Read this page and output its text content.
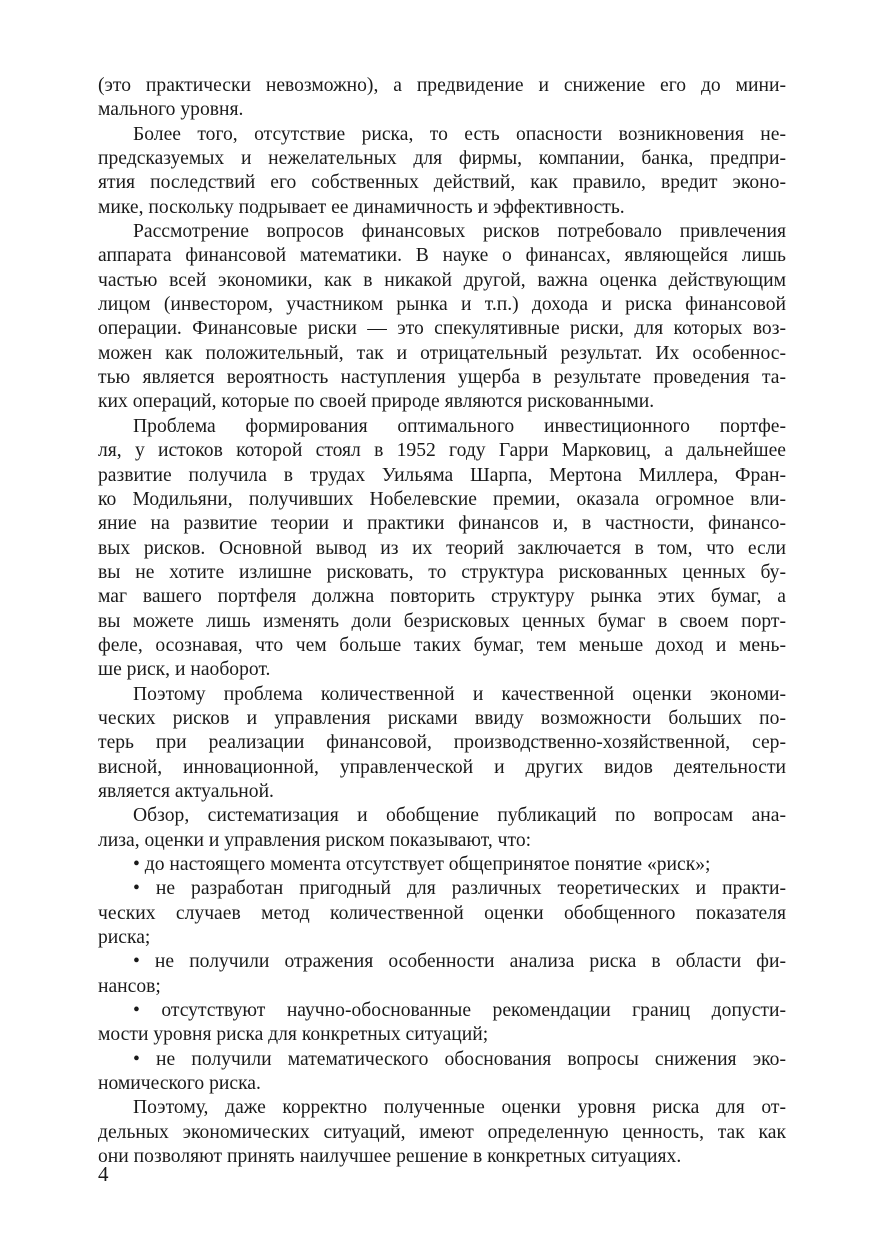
(это практически невозможно), а предвидение и снижение его до мини-
мального уровня.

Более того, отсутствие риска, то есть опасности возникновения не-
предсказуемых и нежелательных для фирмы, компании, банка, предпри-
ятия последствий его собственных действий, как правило, вредит эконо-
мике, поскольку подрывает ее динамичность и эффективность.

Рассмотрение вопросов финансовых рисков потребовало привлечения
аппарата финансовой математики. В науке о финансах, являющейся лишь
частью всей экономики, как в никакой другой, важна оценка действующим
лицом (инвестором, участником рынка и т.п.) дохода и риска финансовой
операции. Финансовые риски — это спекулятивные риски, для которых воз-
можен как положительный, так и отрицательный результат. Их особеннос-
тью является вероятность наступления ущерба в результате проведения та-
ких операций, которые по своей природе являются рискованными.

Проблема формирования оптимального инвестиционного портфе-
ля, у истоков которой стоял в 1952 году Гарри Марковиц, а дальнейшее
развитие получила в трудах Уильяма Шарпа, Мертона Миллера, Фран-
ко Модильяни, получивших Нобелевские премии, оказала огромное вли-
яние на развитие теории и практики финансов и, в частности, финансо-
вых рисков. Основной вывод из их теорий заключается в том, что если
вы не хотите излишне рисковать, то структура рискованных ценных бу-
маг вашего портфеля должна повторить структуру рынка этих бумаг, а
вы можете лишь изменять доли безрисковых ценных бумаг в своем порт-
феле, осознавая, что чем больше таких бумаг, тем меньше доход и мень-
ше риск, и наоборот.

Поэтому проблема количественной и качественной оценки экономи-
ческих рисков и управления рисками ввиду возможности больших по-
терь при реализации финансовой, производственно-хозяйственной, сер-
висной, инновационной, управленческой и других видов деятельности
является актуальной.

Обзор, систематизация и обобщение публикаций по вопросам ана-
лиза, оценки и управления риском показывают, что:

• до настоящего момента отсутствует общепринятое понятие «риск»;

• не разработан пригодный для различных теоретических и практи-
ческих случаев метод количественной оценки обобщенного показателя
риска;

• не получили отражения особенности анализа риска в области фи-
нансов;

• отсутствуют научно-обоснованные рекомендации границ допусти-
мости уровня риска для конкретных ситуаций;

• не получили математического обоснования вопросы снижения эко-
номического риска.

Поэтому, даже корректно полученные оценки уровня риска для от-
дельных экономических ситуаций, имеют определенную ценность, так как
они позволяют принять наилучшее решение в конкретных ситуациях.

4
